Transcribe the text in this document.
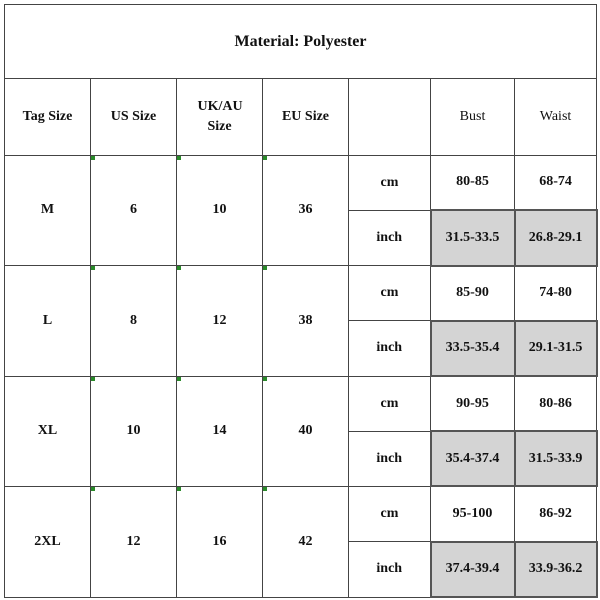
Material: Polyester						
Tag Size	US Size	UK/AU Size	EU Size		Bust	Waist
M	6	10	36	cm	80-85	68-74
				inch	31.5-33.5	26.8-29.1
L	8	12	38	cm	85-90	74-80
				inch	33.5-35.4	29.1-31.5
XL	10	14	40	cm	90-95	80-86
				inch	35.4-37.4	31.5-33.9
2XL	12	16	42	cm	95-100	86-92
				inch	37.4-39.4	33.9-36.2
